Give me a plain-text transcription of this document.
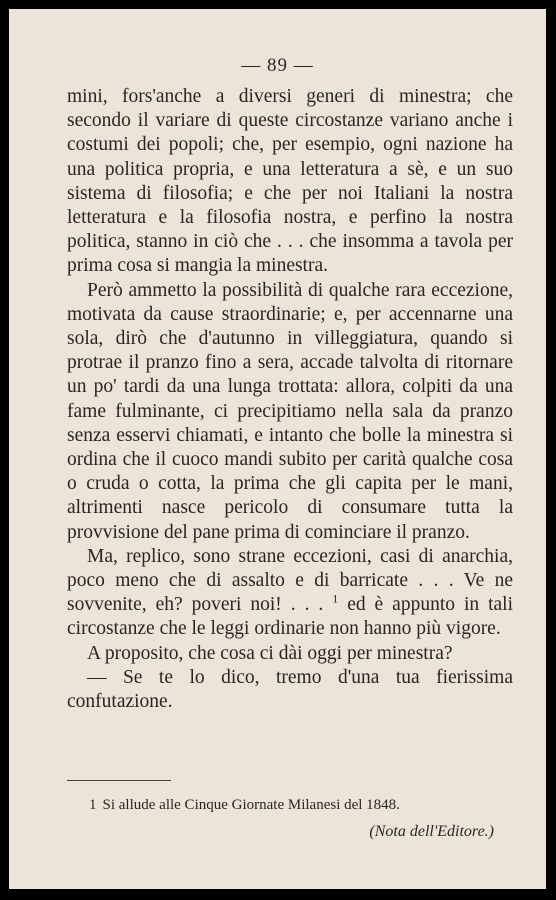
— 89 —

mini, fors'anche a diversi generi di minestra; che secondo il variare di queste circostanze variano anche i costumi dei popoli; che, per esempio, ogni nazione ha una politica propria, e una letteratura a sè, e un suo sistema di filosofia; e che per noi Italiani la nostra letteratura e la filosofia nostra, e perfino la nostra politica, stanno in ciò che . . . che insomma a tavola per prima cosa si mangia la minestra.

Però ammetto la possibilità di qualche rara eccezione, motivata da cause straordinarie; e, per accennarne una sola, dirò che d'autunno in villeggiatura, quando si protrae il pranzo fino a sera, accade talvolta di ritornare un po' tardi da una lunga trottata: allora, colpiti da una fame fulminante, ci precipitiamo nella sala da pranzo senza esservi chiamati, e intanto che bolle la minestra si ordina che il cuoco mandi subito per carità qualche cosa o cruda o cotta, la prima che gli capita per le mani, altrimenti nasce pericolo di consumare tutta la provvisione del pane prima di cominciare il pranzo.

Ma, replico, sono strane eccezioni, casi di anarchia, poco meno che di assalto e di barricate . . . Ve ne sovvenite, eh? poveri noi! . . . $^1$ ed è appunto in tali circostanze che le leggi ordinarie non hanno più vigore.

A proposito, che cosa ci dài oggi per minestra?

— Se te lo dico, tremo d'una tua fierissima confutazione.

1 Si allude alle Cinque Giornate Milanesi del 1848.
(Nota dell'Editore.)
